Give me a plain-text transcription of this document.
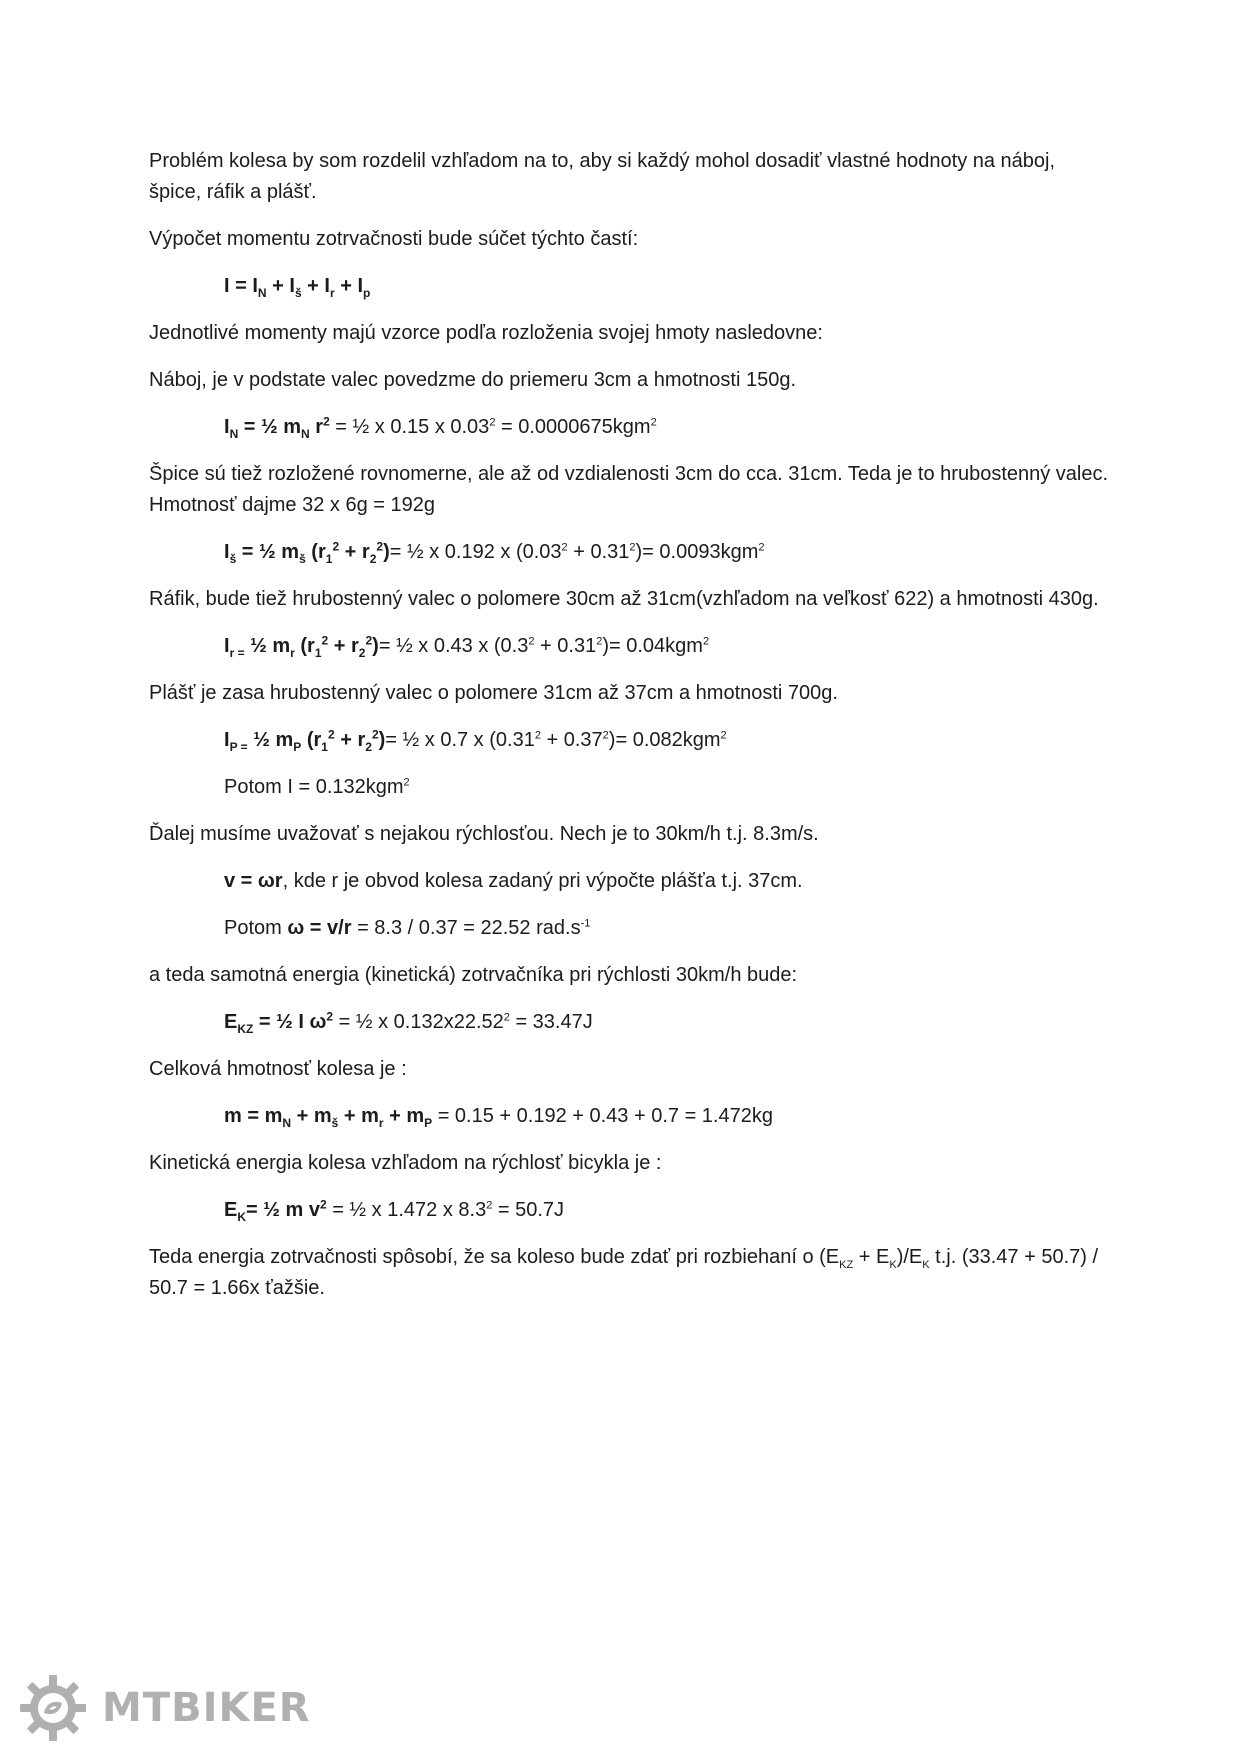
Problém kolesa by som rozdelil vzhľadom na to, aby si každý mohol dosadiť vlastné hodnoty na náboj, špice, ráfik a plášť.

Výpočet momentu zotrvačnosti bude súčet týchto častí:

$I = I_N + I_š + I_r + I_p$

Jednotlivé momenty majú vzorce podľa rozloženia svojej hmoty nasledovne:

Náboj, je v podstate valec povedzme do priemeru 3cm a hmotnosti 150g.

$I_N$ = ½ $m_N$ $r^2$ = ½ x 0.15 x $0.03^2 = 0.0000675kgm^2$

Špice sú tiež rozložené rovnomerne, ale až od vzdialenosti 3cm do cca. 31cm. Teda je to hrubostenný valec. Hmotnosť dajme 32 x 6g = 192g

$I_š$ = ½ $m_š$ $(r_1^2 + r_2^2)=$ ½ x 0.192 x $(0.03^2 + 0.31^2)= 0.0093kgm^2$

Ráfik, bude tiež hrubostenný valec o polomere 30cm až 31cm(vzhľadom na veľkosť 622) a hmotnosti 430g.

$I_{r =}$ ½ $m_r$ $(r_1^2 + r_2^2)=$ ½ x 0.43 x $(0.3^2 + 0.31^2)= 0.04kgm^2$

Plášť je zasa hrubostenný valec o polomere 31cm až 37cm a hmotnosti 700g.

$I_{P =}$ ½ $m_P$ $(r_1^2 + r_2^2)=$ ½ x 0.7 x $(0.31^2 + 0.37^2)= 0.082kgm^2$

Potom I = 0.132kgm$^2$

Ďalej musíme uvažovať s nejakou rýchlosťou. Nech je to 30km/h t.j. 8.3m/s.

v = ωr, kde r je obvod kolesa zadaný pri výpočte plášťa t.j. 37cm.

Potom ω = v/r = 8.3 / 0.37 = 22.52 $rad.s^{-1}$

a teda samotná energia (kinetická) zotrvačníka pri rýchlosti 30km/h bude:

$E_{KZ}$ = ½ I $\omega^2$ = ½ x $0.132x22.52^2 = 33.47J$

Celková hmotnosť kolesa je :

$m = m_N + m_š + m_r + m_P = 0.15 + 0.192 + 0.43 + 0.7 = 1.472kg$

Kinetická energia kolesa vzhľadom na rýchlosť bicykla je :

$E_K=$ ½ m $v^2$ = ½ x 1.472 x $8.3^2 = 50.7J$

Teda energia zotrvačnosti spôsobí, že sa koleso bude zdať pri rozbiehaní o $(E_{KZ} + E_K)/E_K$ t.j. (33.47 + 50.7) / 50.7 = 1.66x ťažšie.

MTBIKER
